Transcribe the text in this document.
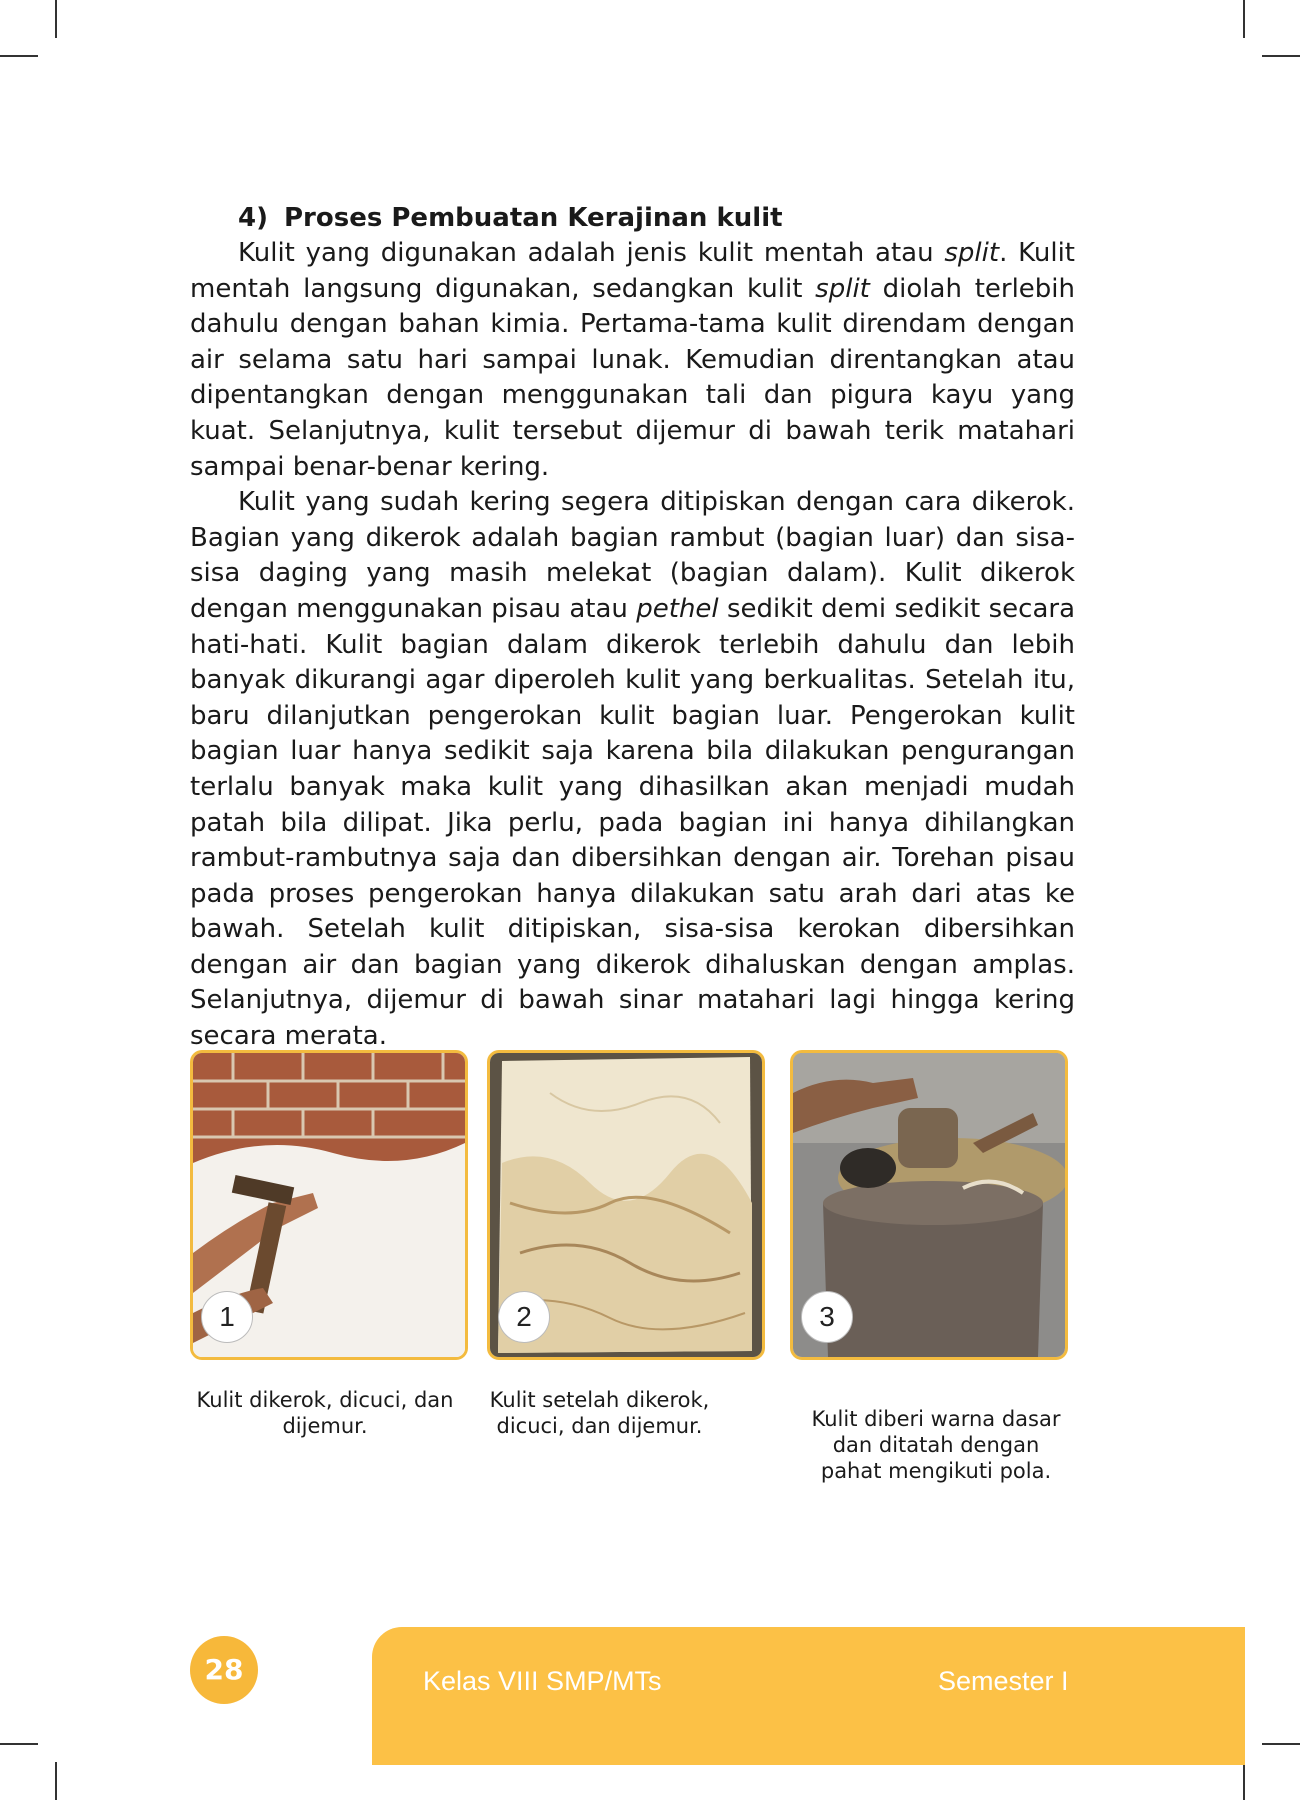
4) Proses Pembuatan Kerajinan kulit

Kulit yang digunakan adalah jenis kulit mentah atau split. Kulit mentah langsung digunakan, sedangkan kulit split diolah terlebih dahulu dengan bahan kimia. Pertama-tama kulit direndam dengan air selama satu hari sampai lunak. Kemudian direntangkan atau dipentangkan dengan menggunakan tali dan pigura kayu yang kuat. Selanjutnya, kulit tersebut dijemur di bawah terik matahari sampai benar-benar kering.

Kulit yang sudah kering segera ditipiskan dengan cara dikerok. Bagian yang dikerok adalah bagian rambut (bagian luar) dan sisa-sisa daging yang masih melekat (bagian dalam). Kulit dikerok dengan menggunakan pisau atau pethel sedikit demi sedikit secara hati-hati. Kulit bagian dalam dikerok terlebih dahulu dan lebih banyak dikurangi agar diperoleh kulit yang berkualitas. Setelah itu, baru dilanjutkan pengerokan kulit bagian luar. Pengerokan kulit bagian luar hanya sedikit saja karena bila dilakukan pengurangan terlalu banyak maka kulit yang dihasilkan akan menjadi mudah patah bila dilipat. Jika perlu, pada bagian ini hanya dihilangkan rambut-rambutnya saja dan dibersihkan dengan air. Torehan pisau pada proses pengerokan hanya dilakukan satu arah dari atas ke bawah. Setelah kulit ditipiskan, sisa-sisa kerokan dibersihkan dengan air dan bagian yang dikerok dihaluskan dengan amplas. Selanjutnya, dijemur di bawah sinar matahari lagi hingga kering secara merata.

1	2	3
Kulit dikerok, dicuci, dan dijemur.
Kulit setelah dikerok, dicuci, dan dijemur.	Kulit diberi warna dasar dan ditatah dengan pahat mengikuti pola.
28	Kelas VIII SMP/MTs	Semester I
